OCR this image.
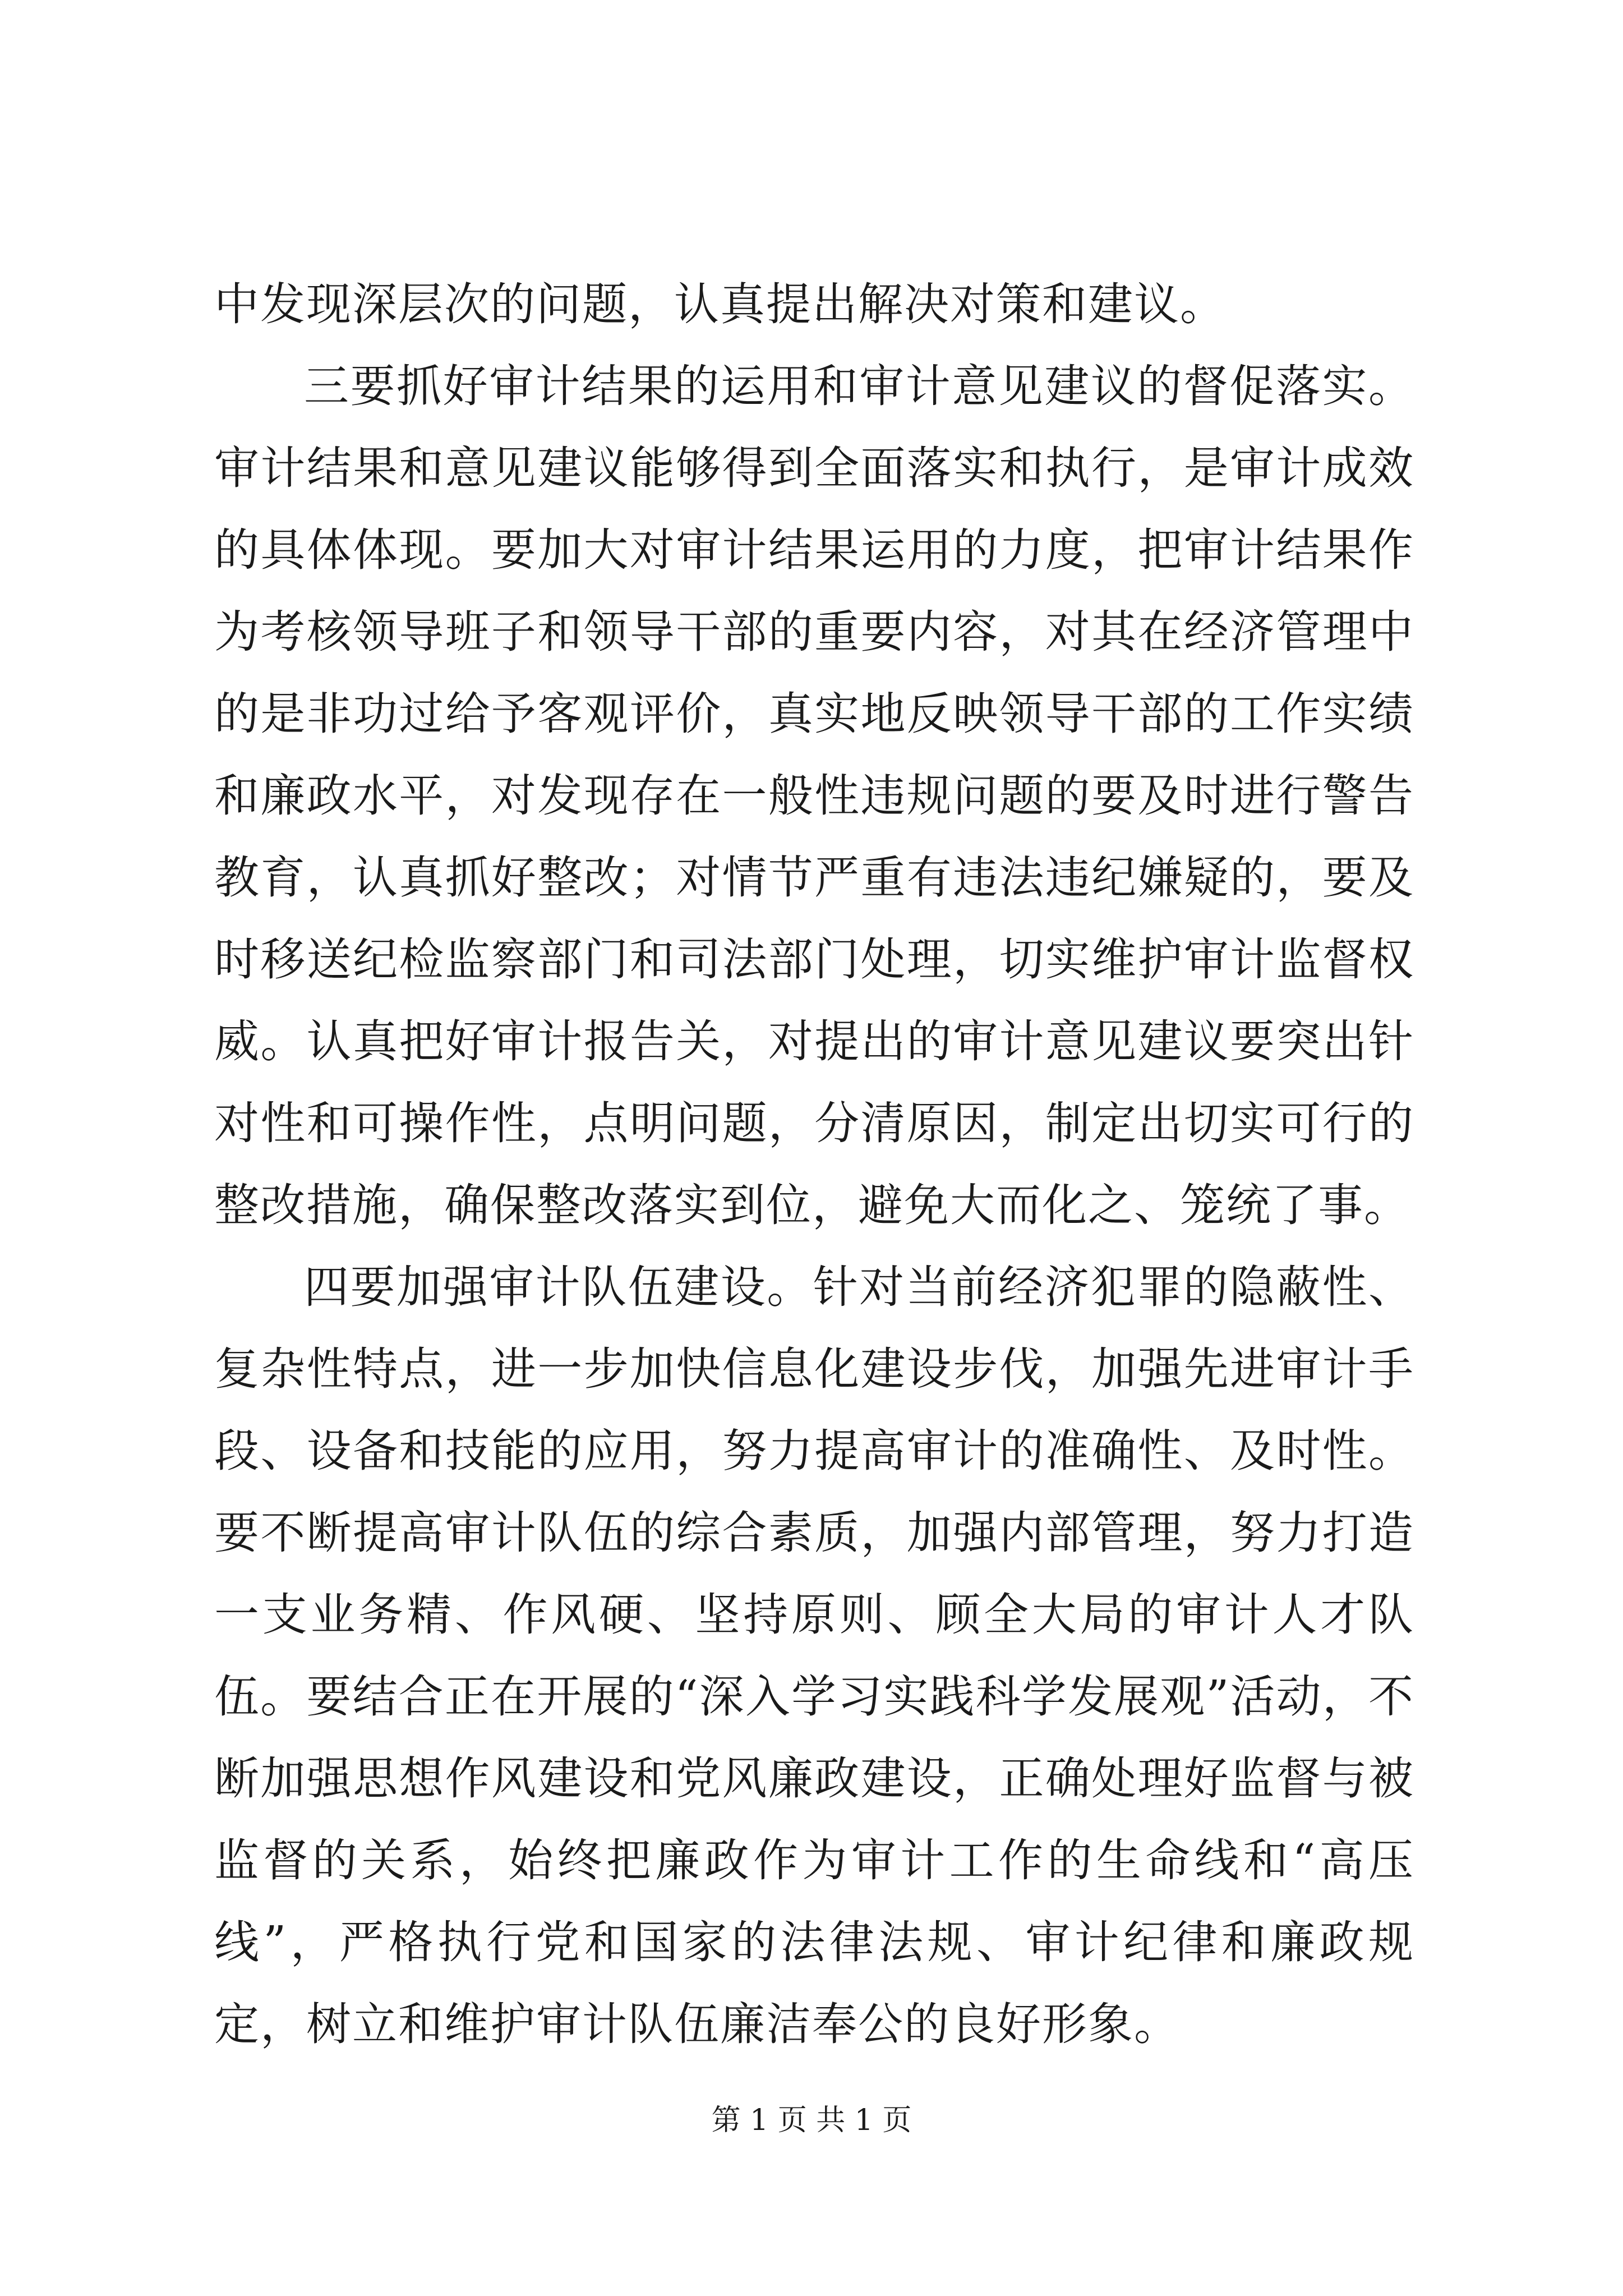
中发现深层次的问题，认真提出解决对策和建议。

三要抓好审计结果的运用和审计意见建议的督促落实。审计结果和意见建议能够得到全面落实和执行，是审计成效的具体体现。要加大对审计结果运用的力度，把审计结果作为考核领导班子和领导干部的重要内容，对其在经济管理中的是非功过给予客观评价，真实地反映领导干部的工作实绩和廉政水平，对发现存在一般性违规问题的要及时进行警告教育，认真抓好整改；对情节严重有违法违纪嫌疑的，要及时移送纪检监察部门和司法部门处理，切实维护审计监督权威。认真把好审计报告关，对提出的审计意见建议要突出针对性和可操作性，点明问题，分清原因，制定出切实可行的整改措施，确保整改落实到位，避免大而化之、笼统了事。

四要加强审计队伍建设。针对当前经济犯罪的隐蔽性、复杂性特点，进一步加快信息化建设步伐，加强先进审计手段、设备和技能的应用，努力提高审计的准确性、及时性。要不断提高审计队伍的综合素质，加强内部管理，努力打造一支业务精、作风硬、坚持原则、顾全大局的审计人才队伍。要结合正在开展的“深入学习实践科学发展观”活动，不断加强思想作风建设和党风廉政建设，正确处理好监督与被监督的关系，始终把廉政作为审计工作的生命线和“高压线”，严格执行党和国家的法律法规、审计纪律和廉政规定，树立和维护审计队伍廉洁奉公的良好形象。

第 1 页 共 1 页
